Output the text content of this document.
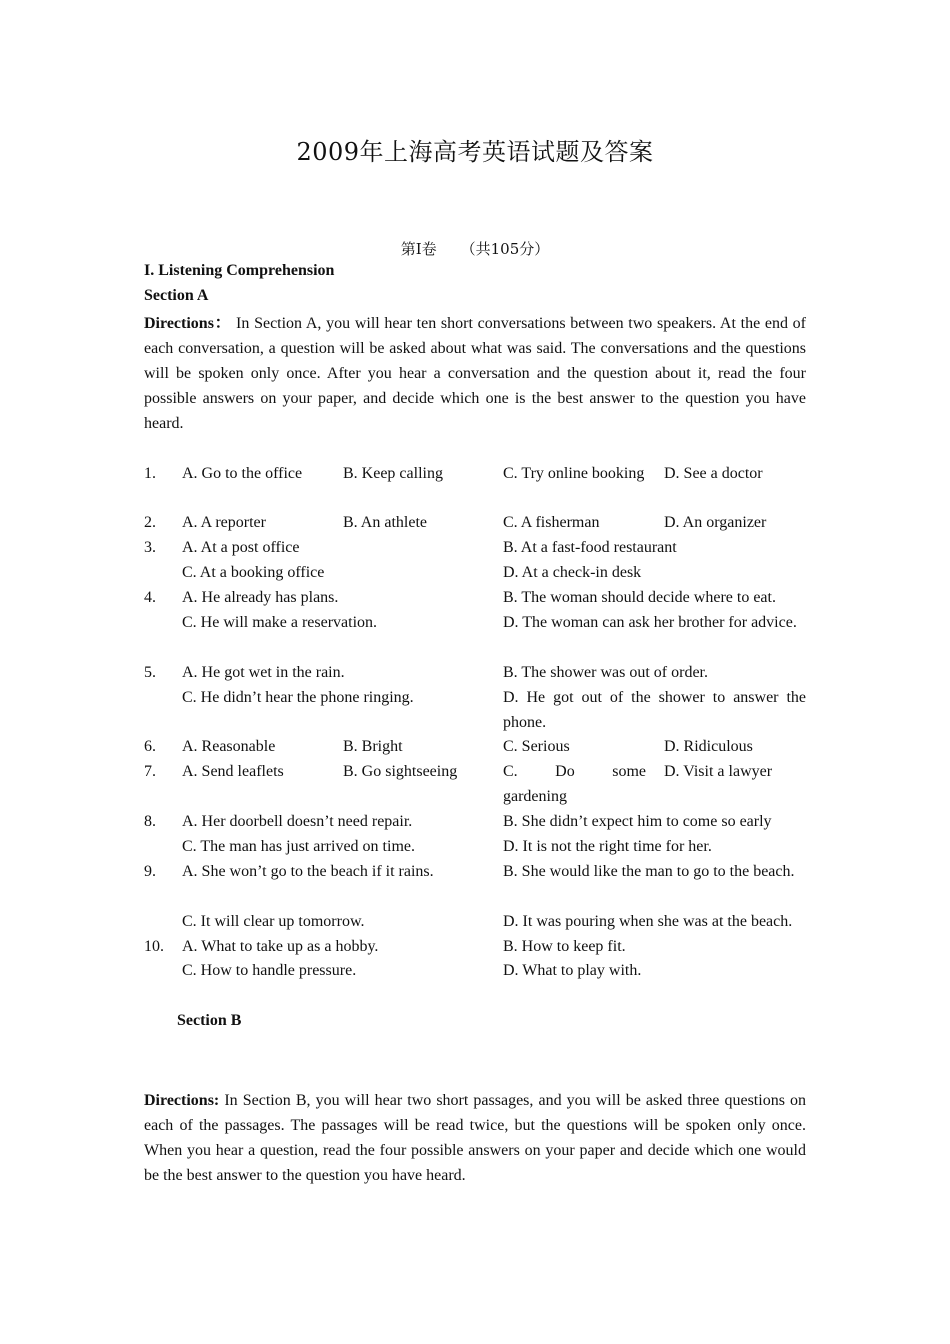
2009年上海高考英语试题及答案
第Ⅰ卷 （共105分）
I. Listening Comprehension
Section A
Directions： In Section A, you will hear ten short conversations between two speakers. At the end of each conversation, a question will be asked about what was said. The conversations and the questions will be spoken only once. After you hear a conversation and the question about it, read the four possible answers on your paper, and decide which one is the best answer to the question you have heard.
1. A. Go to the office	B. Keep calling	C. Try online booking D. See a doctor
2. A. A reporter	B. An athlete	C. A fisherman	D. An organizer
3. A. At a post office	B. At a fast-food restaurant
C. At a booking office	D. At a check-in desk
4. A. He already has plans.	B. The woman should decide where to eat.
C. He will make a reservation.	D. The woman can ask her brother for advice.
5. A. He got wet in the rain.	B. The shower was out of order.
C. He didn’t hear the phone ringing.	D. He got out of the shower to answer the phone.
6. A. Reasonable	B. Bright	C. Serious	D. Ridiculous
7. A. Send leaflets	B. Go sightseeing	C. Do some gardening
D. Visit a lawyer
8. A. Her doorbell doesn’t need repair.	B. She didn’t expect him to come so early
C. The man has just arrived on time.	D. It is not the right time for her.
9. A. She won’t go to the beach if it rains.	B. She would like the man to go to the beach.
C. It will clear up tomorrow.	D. It was pouring when she was at the beach.
10. A. What to take up as a hobby.	B. How to keep fit.
C. How to handle pressure.	D. What to play with.
Section B
Directions: In Section B, you will hear two short passages, and you will be asked three questions on each of the passages. The passages will be read twice, but the questions will be spoken only once. When you hear a question, read the four possible answers on your paper and decide which one would be the best answer to the question you have heard.
